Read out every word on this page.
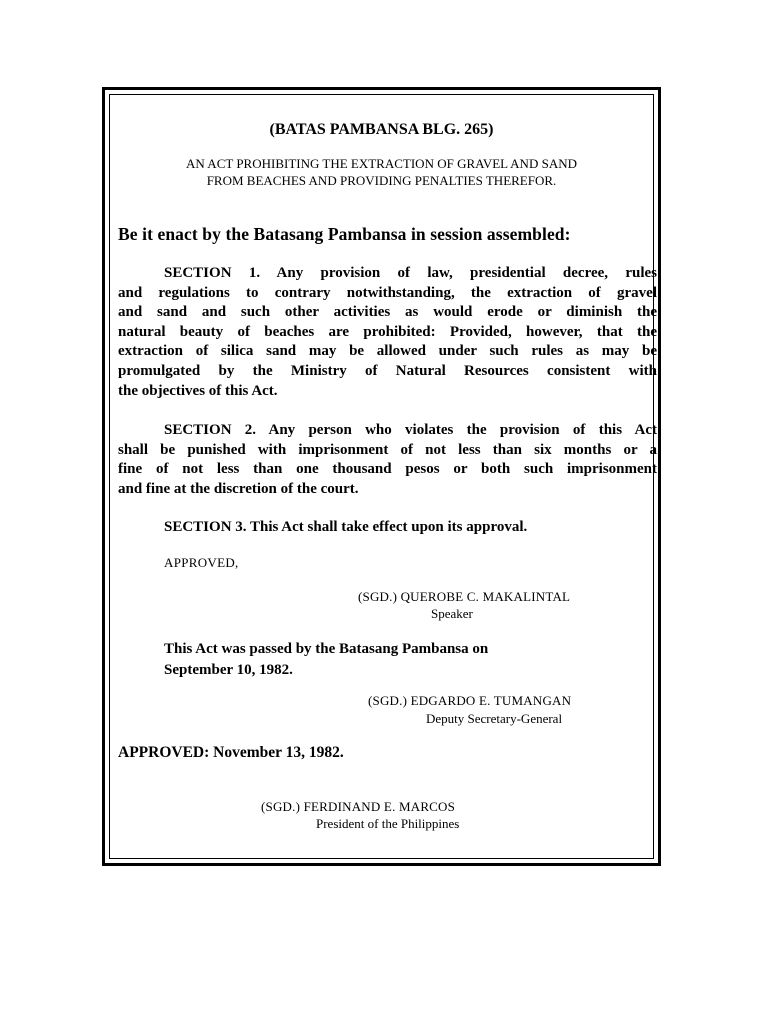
(BATAS PAMBANSA BLG. 265)
AN ACT PROHIBITING THE EXTRACTION OF GRAVEL AND SAND
FROM BEACHES AND PROVIDING PENALTIES THEREFOR.
Be it enact by the Batasang Pambansa in session assembled:
SECTION 1. Any provision of law, presidential decree, rules
and regulations to contrary notwithstanding, the extraction of gravel
and sand and such other activities as would erode or diminish the
natural beauty of beaches are prohibited: Provided, however, that the
extraction of silica sand may be allowed under such rules as may be
promulgated by the Ministry of Natural Resources consistent with
the objectives of this Act.
SECTION 2. Any person who violates the provision of this Act
shall be punished with imprisonment of not less than six months or a
fine of not less than one thousand pesos or both such imprisonment
and fine at the discretion of the court.
SECTION 3. This Act shall take effect upon its approval.
APPROVED,
(SGD.) QUEROBE C. MAKALINTAL
Speaker
This Act was passed by the Batasang Pambansa on
September 10, 1982.
(SGD.) EDGARDO E. TUMANGAN
Deputy Secretary-General
APPROVED: November 13, 1982.
(SGD.) FERDINAND E. MARCOS
President of the Philippines
